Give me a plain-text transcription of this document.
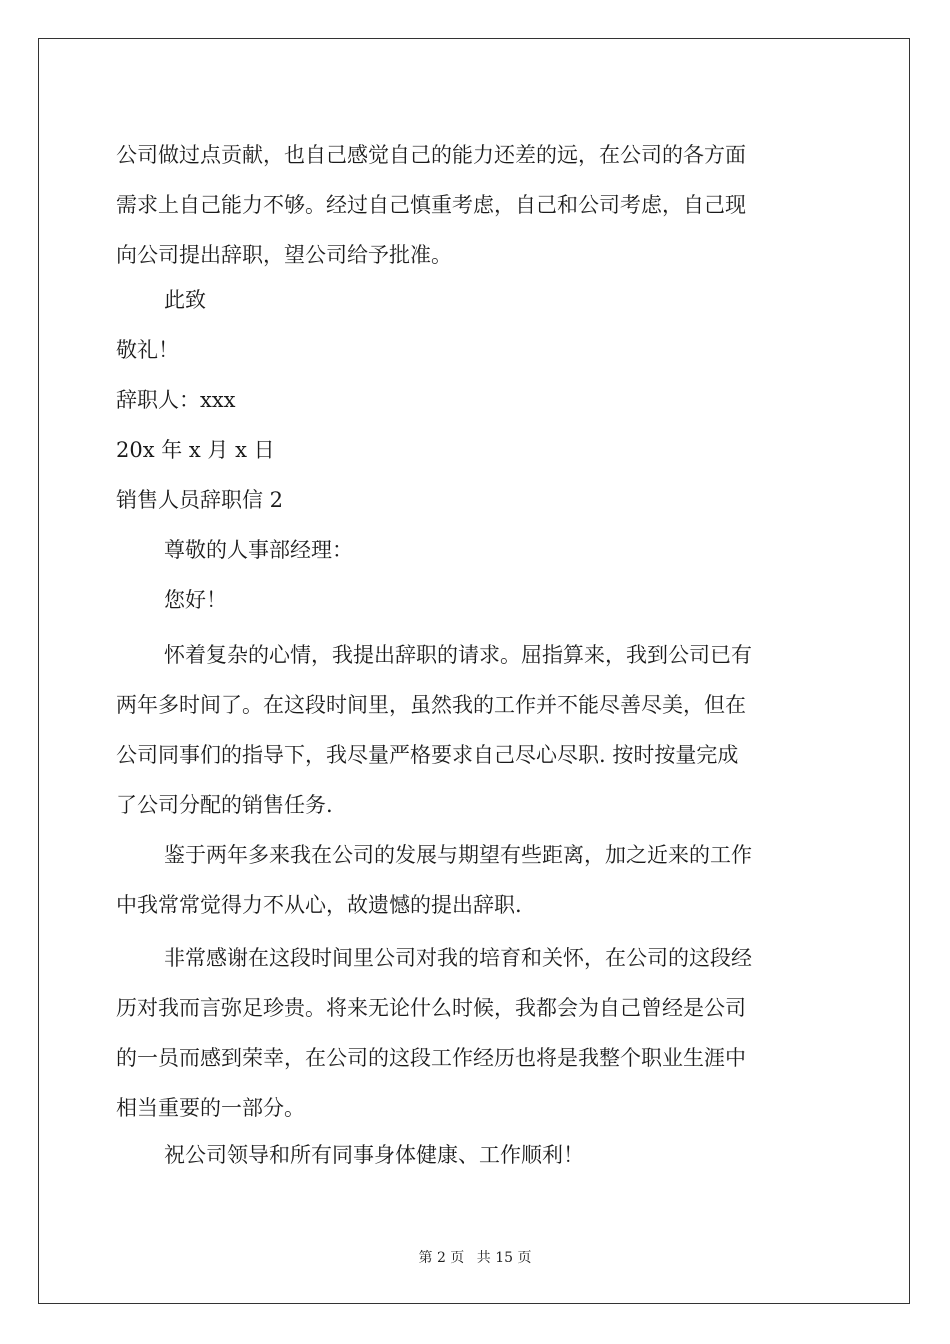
公司做过点贡献，也自己感觉自己的能力还差的远，在公司的各方面

需求上自己能力不够。经过自己慎重考虑，自己和公司考虑，自己现

向公司提出辞职，望公司给予批准。

此致

敬礼！

辞职人：xxx

20x 年 x 月 x 日

销售人员辞职信 2

尊敬的人事部经理：

您好！

怀着复杂的心情，我提出辞职的请求。屈指算来，我到公司已有

两年多时间了。在这段时间里，虽然我的工作并不能尽善尽美，但在

公司同事们的指导下，我尽量严格要求自己尽心尽职. 按时按量完成

了公司分配的销售任务.

鉴于两年多来我在公司的发展与期望有些距离，加之近来的工作

中我常常觉得力不从心，故遗憾的提出辞职.

非常感谢在这段时间里公司对我的培育和关怀，在公司的这段经

历对我而言弥足珍贵。将来无论什么时候，我都会为自己曾经是公司

的一员而感到荣幸，在公司的这段工作经历也将是我整个职业生涯中

相当重要的一部分。

祝公司领导和所有同事身体健康、工作顺利！

第 2 页 共 15 页
